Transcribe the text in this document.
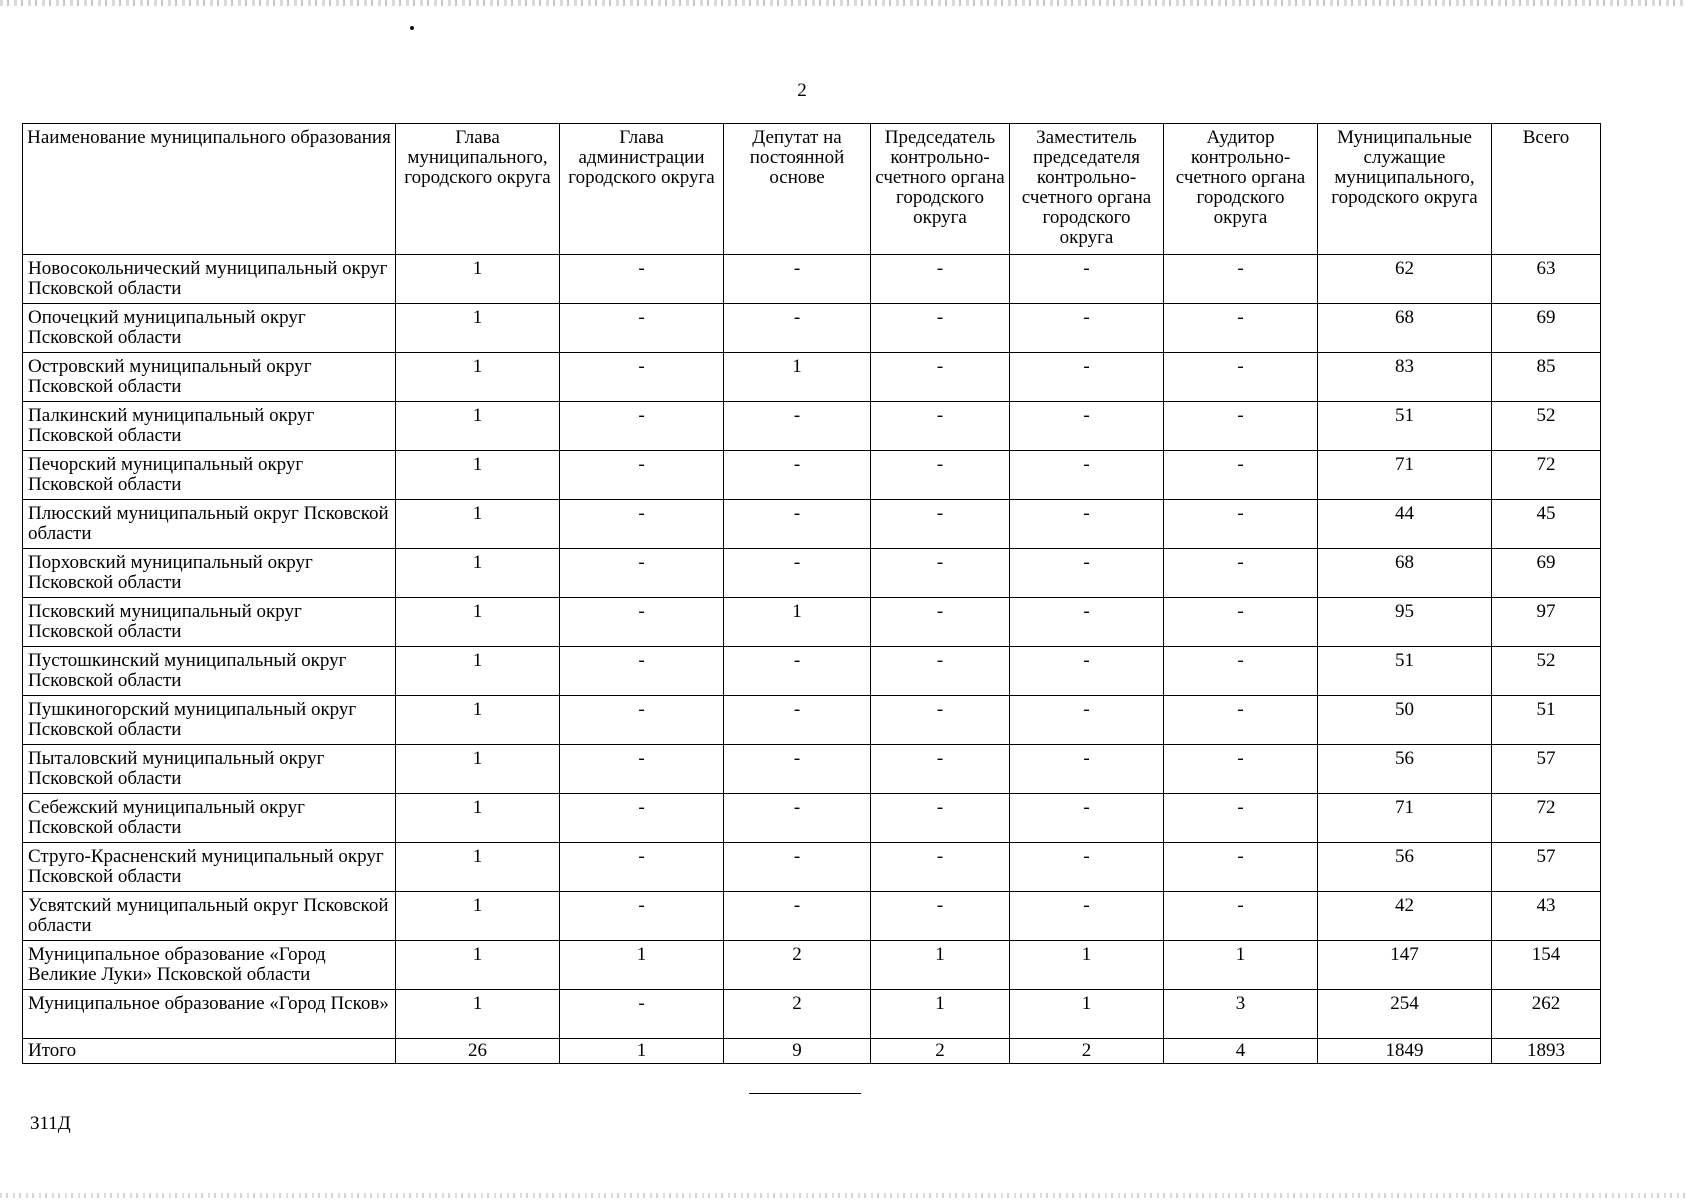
2
Наименование муниципального образования	Глава муниципального, городского округа	Глава администрации городского округа	Депутат на постоянной основе	Председатель контрольно-счетного органа городского округа	Заместитель председателя контрольно-счетного органа городского округа	Аудитор контрольно-счетного органа городского округа	Муниципальные служащие муниципального, городского округа	Всего
Новосокольнический муниципальный округ Псковской области	1	-	-	-	-	-	62	63
Опочецкий муниципальный округ Псковской области	1	-	-	-	-	-	68	69
Островский муниципальный округ Псковской области	1	-	1	-	-	-	83	85
Палкинский муниципальный округ Псковской области	1	-	-	-	-	-	51	52
Печорский муниципальный округ Псковской области	1	-	-	-	-	-	71	72
Плюсский муниципальный округ Псковской области	1	-	-	-	-	-	44	45
Порховский муниципальный округ Псковской области	1	-	-	-	-	-	68	69
Псковский муниципальный округ Псковской области	1	-	1	-	-	-	95	97
Пустошкинский муниципальный округ Псковской области	1	-	-	-	-	-	51	52
Пушкиногорский муниципальный округ Псковской области	1	-	-	-	-	-	50	51
Пыталовский муниципальный округ Псковской области	1	-	-	-	-	-	56	57
Себежский муниципальный округ Псковской области	1	-	-	-	-	-	71	72
Струго-Красненский муниципальный округ Псковской области	1	-	-	-	-	-	56	57
Усвятский муниципальный округ Псковской области	1	-	-	-	-	-	42	43
Муниципальное образование «Город Великие Луки» Псковской области	1	1	2	1	1	1	147	154
Муниципальное образование «Город Псков»	1	-	2	1	1	3	254	262
Итого	26	1	9	2	2	4	1849	1893
311Д
